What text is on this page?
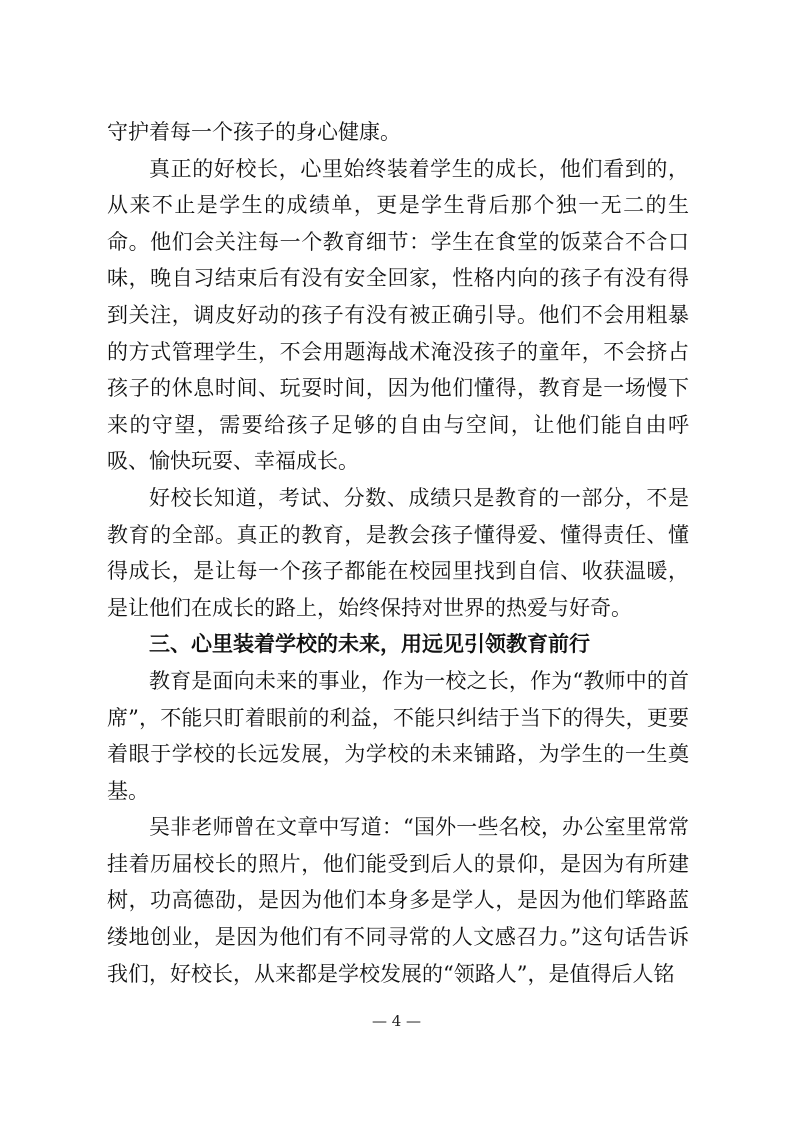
守护着每一个孩子的身心健康。

真正的好校长，心里始终装着学生的成长，他们看到的，从来不止是学生的成绩单，更是学生背后那个独一无二的生命。他们会关注每一个教育细节：学生在食堂的饭菜合不合口味，晚自习结束后有没有安全回家，性格内向的孩子有没有得到关注，调皮好动的孩子有没有被正确引导。他们不会用粗暴的方式管理学生，不会用题海战术淹没孩子的童年，不会挤占孩子的休息时间、玩耍时间，因为他们懂得，教育是一场慢下来的守望，需要给孩子足够的自由与空间，让他们能自由呼吸、愉快玩耍、幸福成长。

好校长知道，考试、分数、成绩只是教育的一部分，不是教育的全部。真正的教育，是教会孩子懂得爱、懂得责任、懂得成长，是让每一个孩子都能在校园里找到自信、收获温暖，是让他们在成长的路上，始终保持对世界的热爱与好奇。

三、心里装着学校的未来，用远见引领教育前行

教育是面向未来的事业，作为一校之长，作为“教师中的首席”，不能只盯着眼前的利益，不能只纠结于当下的得失，更要着眼于学校的长远发展，为学校的未来铺路，为学生的一生奠基。

吴非老师曾在文章中写道：“国外一些名校，办公室里常常挂着历届校长的照片，他们能受到后人的景仰，是因为有所建树，功高德劭，是因为他们本身多是学人，是因为他们筚路蓝缕地创业，是因为他们有不同寻常的人文感召力。”这句话告诉我们，好校长，从来都是学校发展的“领路人”，是值得后人铭

— 4 —
